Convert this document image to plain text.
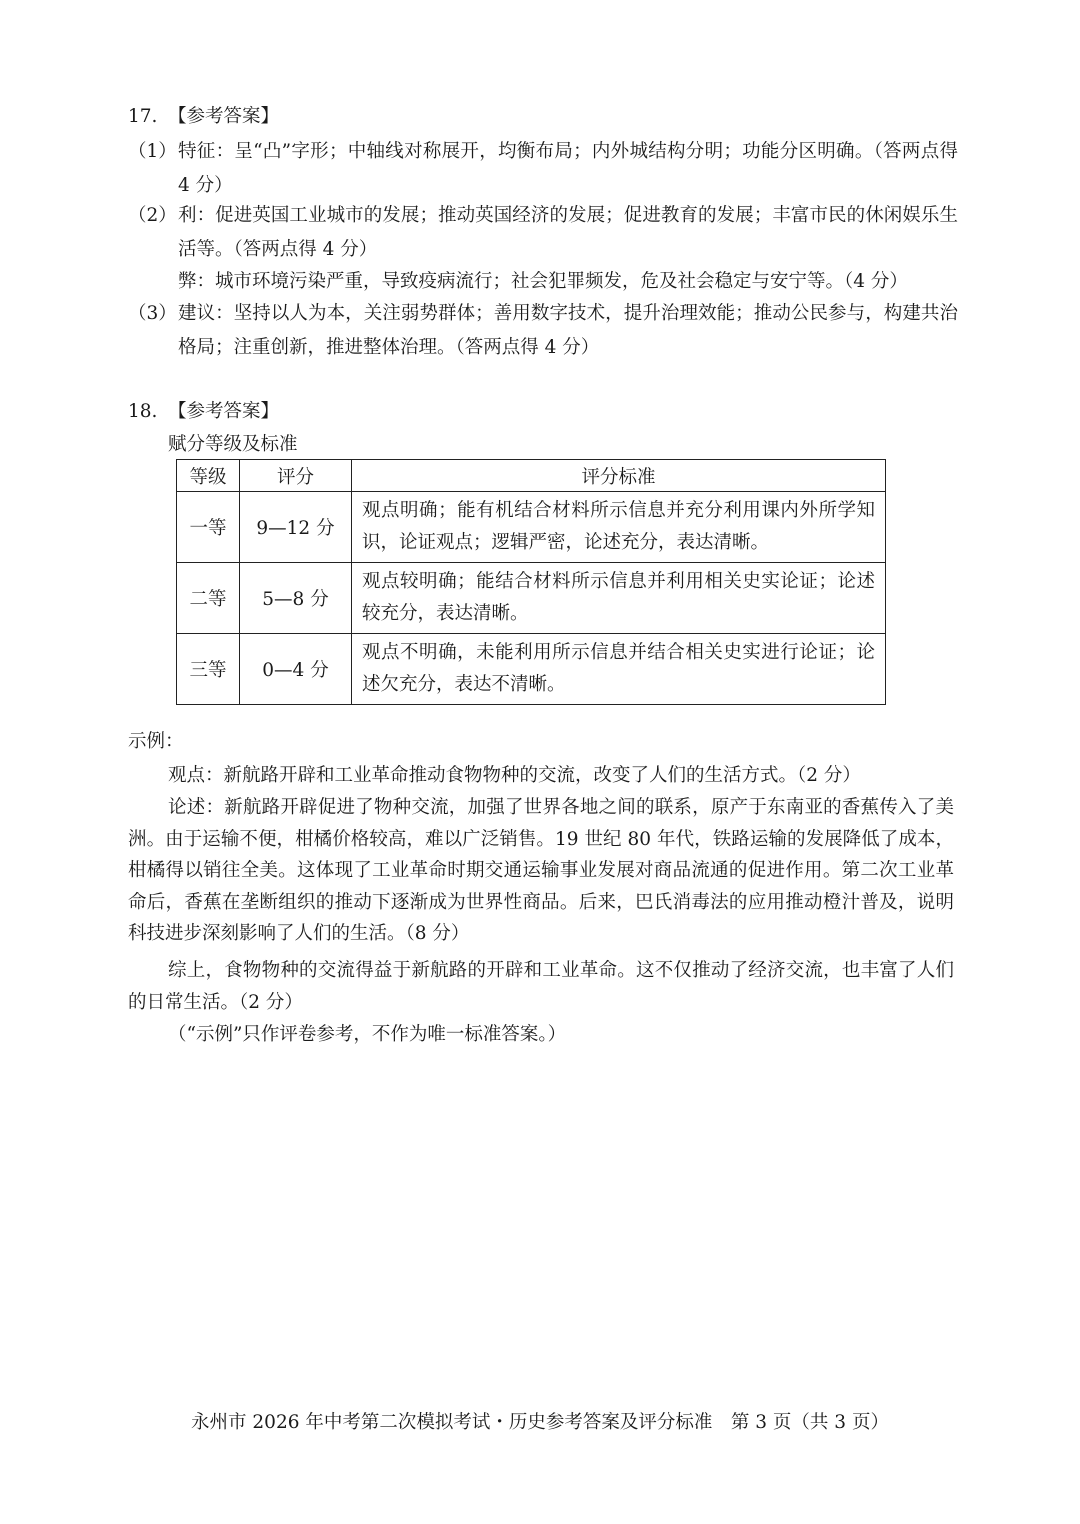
17. 【参考答案】
（1） 特征：呈“凸”字形；中轴线对称展开，均衡布局；内外城结构分明；功能分区明确。（答两点得 4 分）
（2） 利：促进英国工业城市的发展；推动英国经济的发展；促进教育的发展；丰富市民的休闲娱乐生活等。（答两点得 4 分）
弊：城市环境污染严重，导致疫病流行；社会犯罪频发，危及社会稳定与安宁等。（4 分）
（3） 建议：坚持以人为本，关注弱势群体；善用数字技术，提升治理效能；推动公民参与，构建共治格局；注重创新，推进整体治理。（答两点得 4 分）
18. 【参考答案】
赋分等级及标准
等级	评分	评分标准
一等	9—12 分	观点明确；能有机结合材料所示信息并充分利用课内外所学知识，论证观点；逻辑严密，论述充分，表达清晰。
二等	5—8 分	观点较明确；能结合材料所示信息并利用相关史实论证；论述较充分，表达清晰。
三等	0—4 分	观点不明确，未能利用所示信息并结合相关史实进行论证；论述欠充分，表达不清晰。
示例：
观点：新航路开辟和工业革命推动食物物种的交流，改变了人们的生活方式。（2 分）
论述：新航路开辟促进了物种交流，加强了世界各地之间的联系，原产于东南亚的香蕉传入了美洲。由于运输不便，柑橘价格较高，难以广泛销售。19 世纪 80 年代，铁路运输的发展降低了成本，柑橘得以销往全美。这体现了工业革命时期交通运输事业发展对商品流通的促进作用。第二次工业革命后，香蕉在垄断组织的推动下逐渐成为世界性商品。后来，巴氏消毒法的应用推动橙汁普及，说明科技进步深刻影响了人们的生活。（8 分）
综上，食物物种的交流得益于新航路的开辟和工业革命。这不仅推动了经济交流，也丰富了人们的日常生活。（2 分）
（“示例”只作评卷参考，不作为唯一标准答案。）
永州市 2026 年中考第二次模拟考试・历史参考答案及评分标准　第 3 页（共 3 页）
